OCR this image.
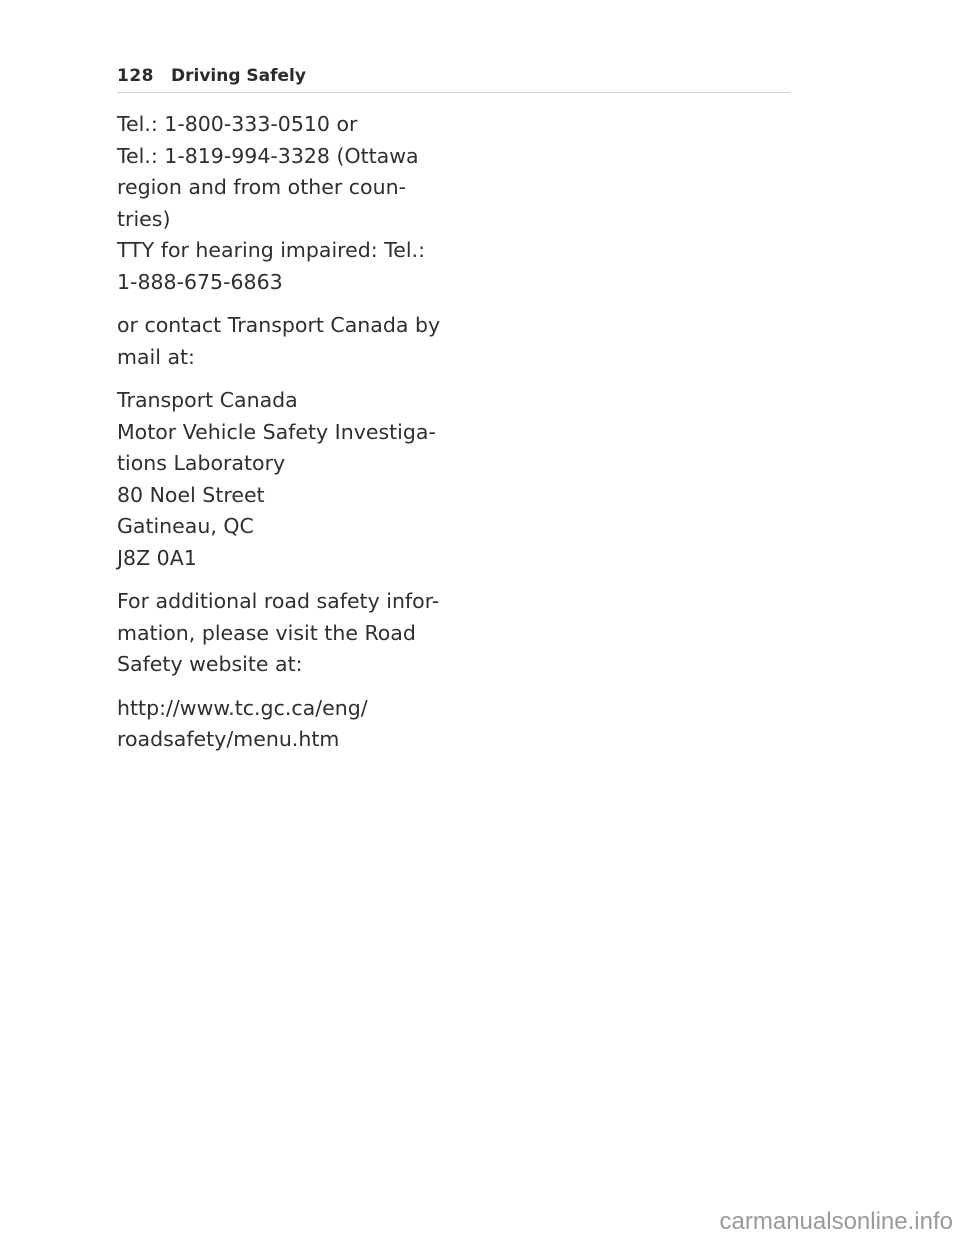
128 Driving Safely
Tel.: 1-800-333-0510 or
Tel.: 1-819-994-3328 (Ottawa
region and from other coun-
tries)
TTY for hearing impaired: Tel.:
1-888-675-6863
or contact Transport Canada by
mail at:
Transport Canada
Motor Vehicle Safety Investiga-
tions Laboratory
80 Noel Street
Gatineau, QC
J8Z 0A1
For additional road safety infor-
mation, please visit the Road
Safety website at:
http://www.tc.gc.ca/eng/
roadsafety/menu.htm
carmanualsonline.info
